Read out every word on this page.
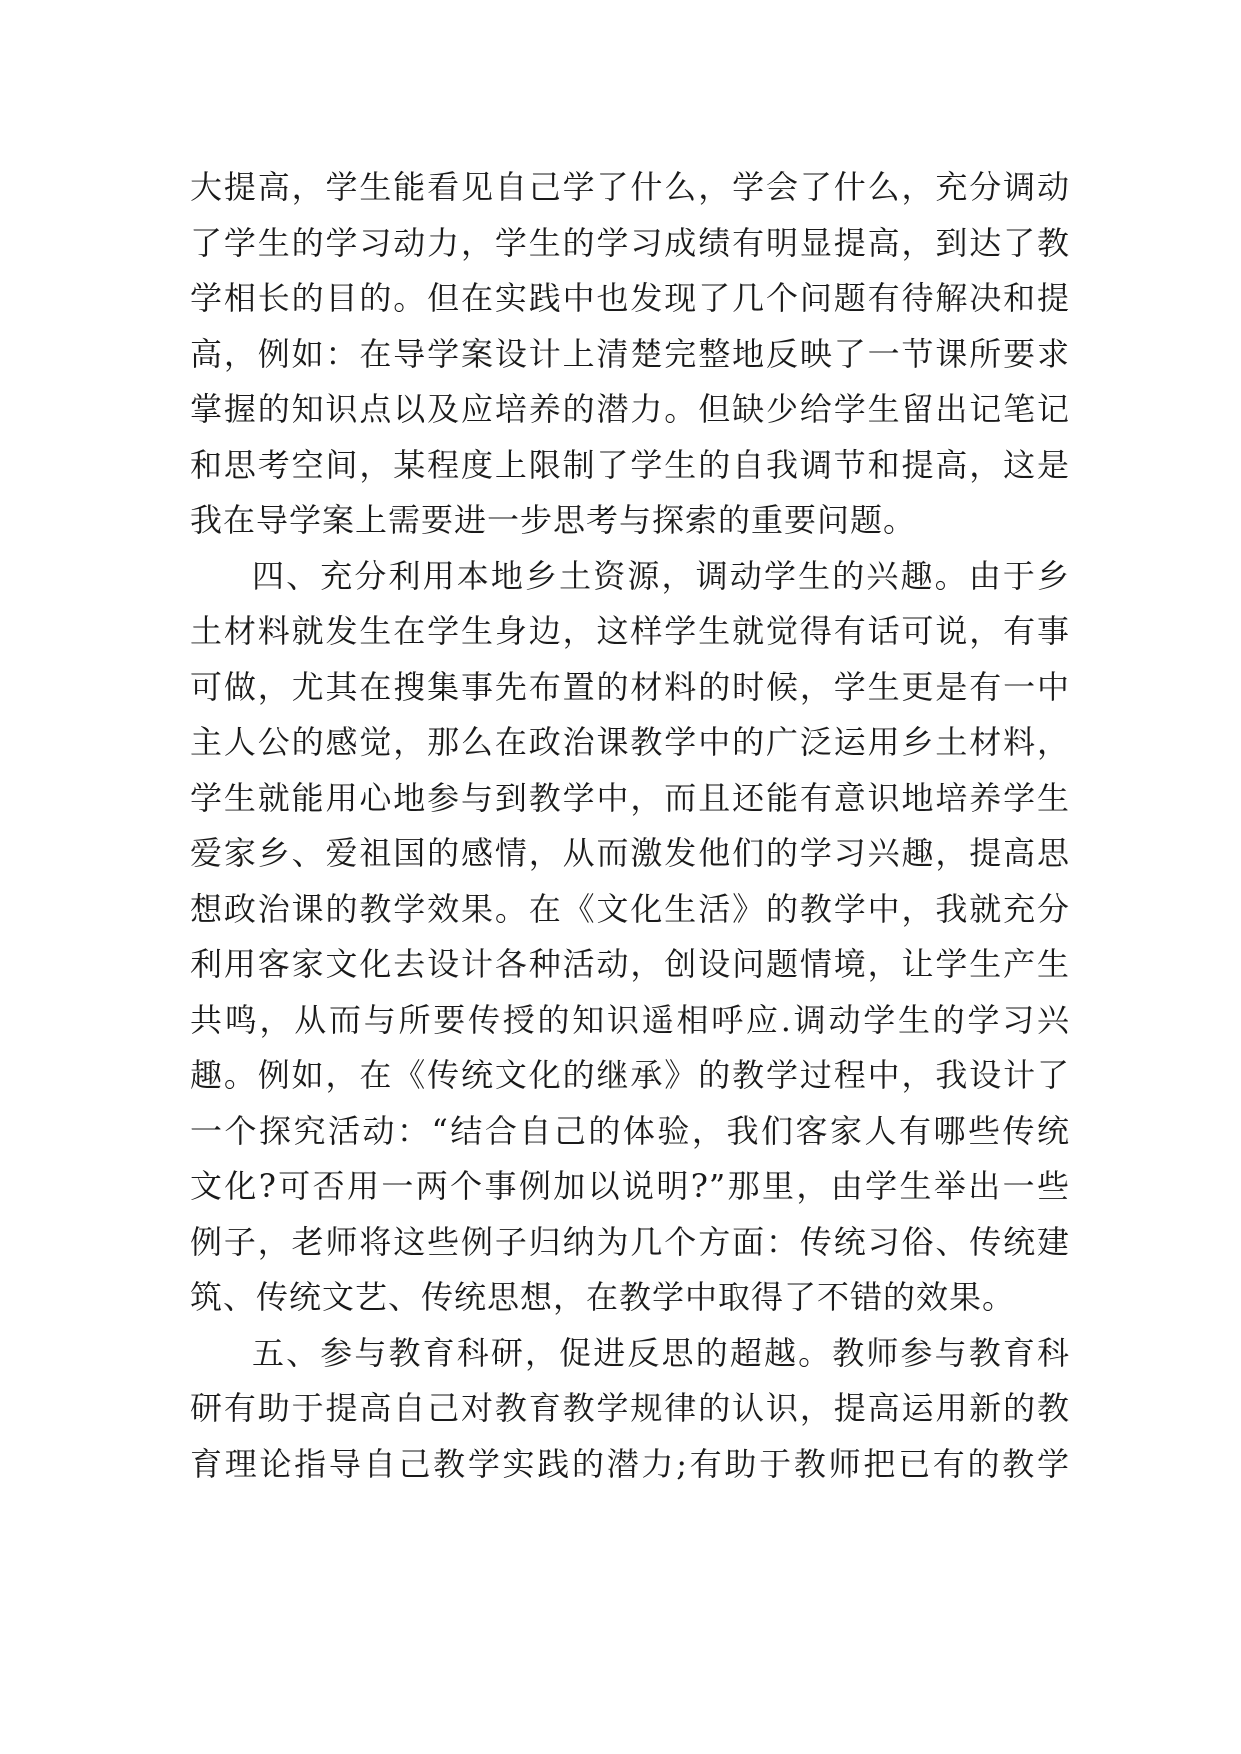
大提高，学生能看见自己学了什么，学会了什么，充分调动
了学生的学习动力，学生的学习成绩有明显提高，到达了教
学相长的目的。但在实践中也发现了几个问题有待解决和提
高，例如：在导学案设计上清楚完整地反映了一节课所要求
掌握的知识点以及应培养的潜力。但缺少给学生留出记笔记
和思考空间，某程度上限制了学生的自我调节和提高，这是
我在导学案上需要进一步思考与探索的重要问题。
四、充分利用本地乡土资源，调动学生的兴趣。由于乡
土材料就发生在学生身边，这样学生就觉得有话可说，有事
可做，尤其在搜集事先布置的材料的时候，学生更是有一中
主人公的感觉，那么在政治课教学中的广泛运用乡土材料，
学生就能用心地参与到教学中，而且还能有意识地培养学生
爱家乡、爱祖国的感情，从而激发他们的学习兴趣，提高思
想政治课的教学效果。在《文化生活》的教学中，我就充分
利用客家文化去设计各种活动，创设问题情境，让学生产生
共鸣，从而与所要传授的知识遥相呼应.调动学生的学习兴
趣。例如，在《传统文化的继承》的教学过程中，我设计了
一个探究活动：“结合自己的体验，我们客家人有哪些传统
文化?可否用一两个事例加以说明?”那里，由学生举出一些
例子，老师将这些例子归纳为几个方面：传统习俗、传统建
筑、传统文艺、传统思想，在教学中取得了不错的效果。
五、参与教育科研，促进反思的超越。教师参与教育科
研有助于提高自己对教育教学规律的认识，提高运用新的教
育理论指导自己教学实践的潜力;有助于教师把已有的教学
